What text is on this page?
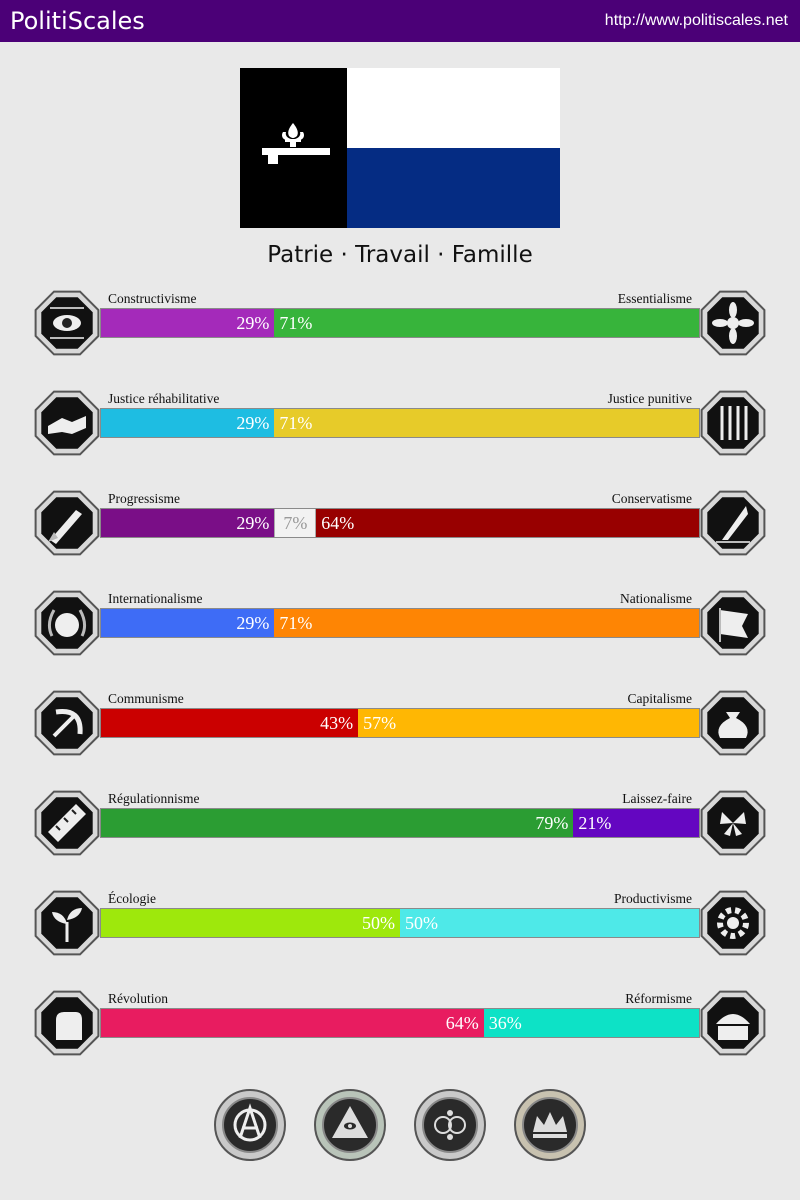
PolitiScales	http://www.politiscales.net
Patrie · Travail · Famille
Constructivisme	Essentialisme
29% 71%
Justice réhabilitative	Justice punitive
29% 71%
Progressisme	Conservatisme
29% 7% 64%
Internationalisme	Nationalisme
29% 71%
Communisme	Capitalisme
43% 57%
Régulationnisme	Laissez-faire
79% 21%
Écologie	Productivisme
50% 50%
Révolution	Réformisme
64% 36%
